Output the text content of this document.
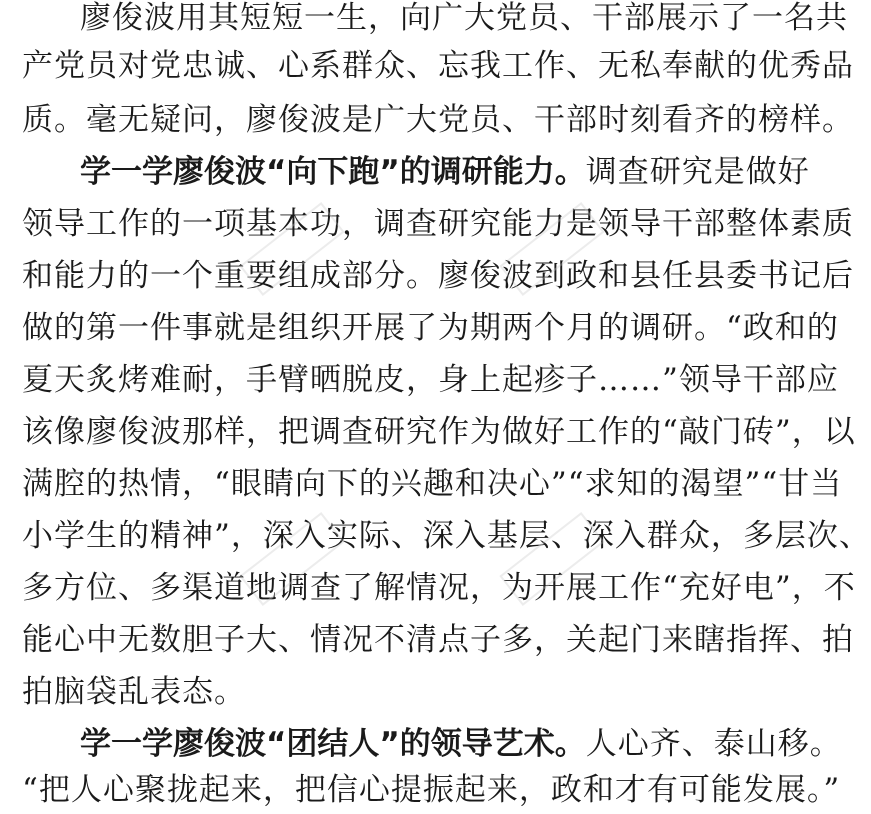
廖俊波用其短短一生，向广大党员、干部展示了一名共
产党员对党忠诚、心系群众、忘我工作、无私奉献的优秀品
质。毫无疑问，廖俊波是广大党员、干部时刻看齐的榜样。
学一学廖俊波“向下跑”的调研能力。调查研究是做好
领导工作的一项基本功，调查研究能力是领导干部整体素质
和能力的一个重要组成部分。廖俊波到政和县任县委书记后
做的第一件事就是组织开展了为期两个月的调研。“政和的
夏天炙烤难耐，手臂晒脱皮，身上起疹子……”领导干部应
该像廖俊波那样，把调查研究作为做好工作的“敲门砖”，以
满腔的热情，“眼睛向下的兴趣和决心”“求知的渴望”“甘当
小学生的精神”，深入实际、深入基层、深入群众，多层次、
多方位、多渠道地调查了解情况，为开展工作“充好电”，不
能心中无数胆子大、情况不清点子多，关起门来瞎指挥、拍
拍脑袋乱表态。
学一学廖俊波“团结人”的领导艺术。人心齐、泰山移。
“把人心聚拢起来，把信心提振起来，政和才有可能发展。”
